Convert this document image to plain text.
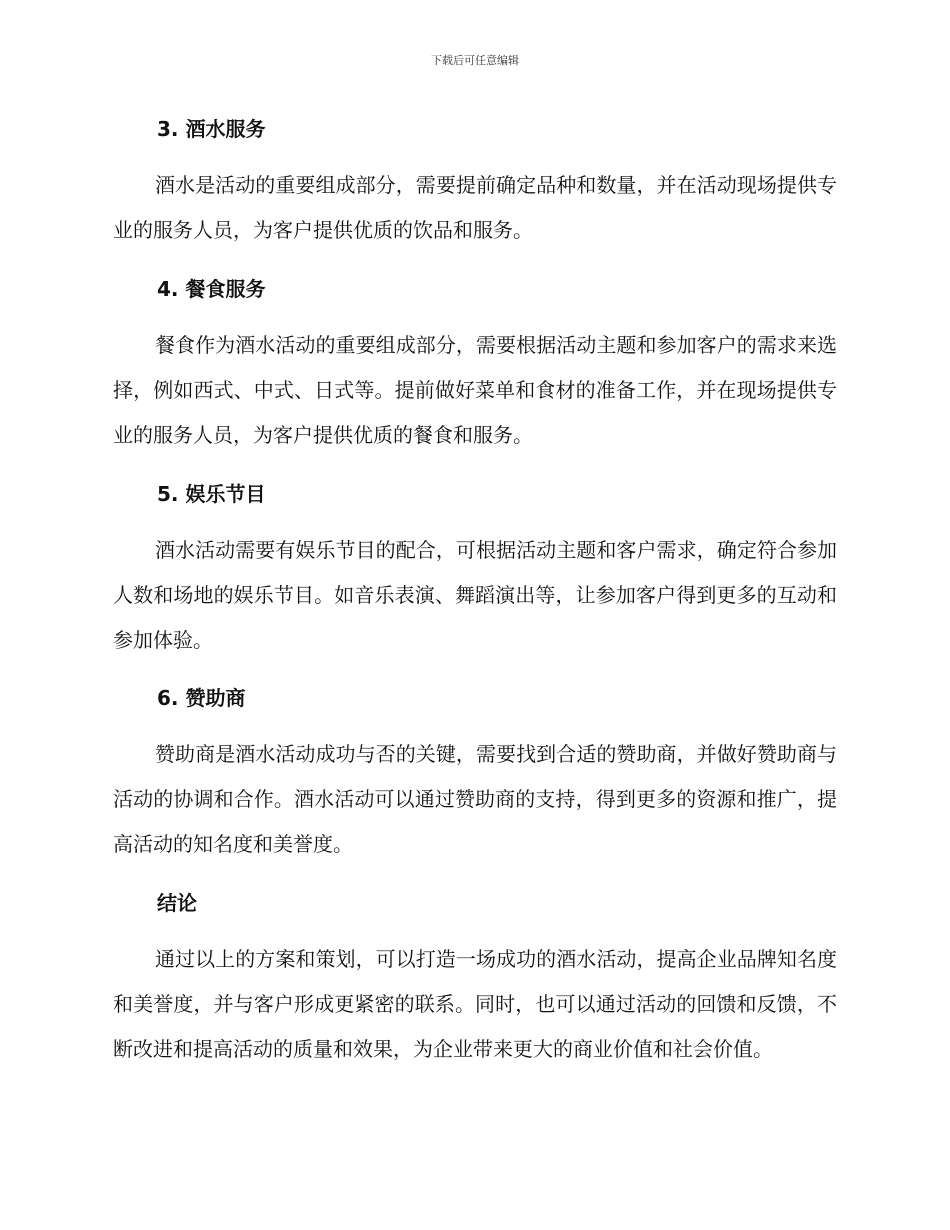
下载后可任意编辑
3. 酒水服务

酒水是活动的重要组成部分，需要提前确定品种和数量，并在活动现场提供专业的服务人员，为客户提供优质的饮品和服务。

4. 餐食服务

餐食作为酒水活动的重要组成部分，需要根据活动主题和参加客户的需求来选择，例如西式、中式、日式等。提前做好菜单和食材的准备工作，并在现场提供专业的服务人员，为客户提供优质的餐食和服务。

5. 娱乐节目

酒水活动需要有娱乐节目的配合，可根据活动主题和客户需求，确定符合参加人数和场地的娱乐节目。如音乐表演、舞蹈演出等，让参加客户得到更多的互动和参加体验。

6. 赞助商

赞助商是酒水活动成功与否的关键，需要找到合适的赞助商，并做好赞助商与活动的协调和合作。酒水活动可以通过赞助商的支持，得到更多的资源和推广，提高活动的知名度和美誉度。

结论

通过以上的方案和策划，可以打造一场成功的酒水活动，提高企业品牌知名度和美誉度，并与客户形成更紧密的联系。同时，也可以通过活动的回馈和反馈，不断改进和提高活动的质量和效果，为企业带来更大的商业价值和社会价值。
